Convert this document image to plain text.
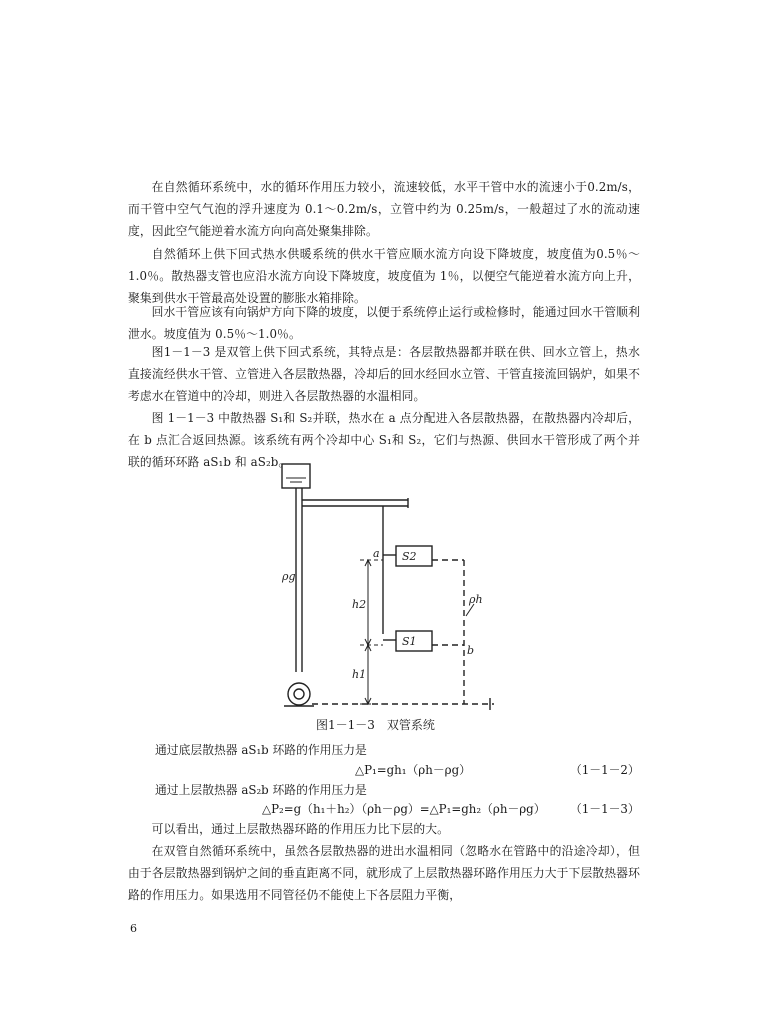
在自然循环系统中，水的循环作用压力较小，流速较低，水平干管中水的流速小于0.2m/s，而干管中空气气泡的浮升速度为 0.1～0.2m/s，立管中约为 0.25m/s，一般超过了水的流动速度，因此空气能逆着水流方向向高处聚集排除。
自然循环上供下回式热水供暖系统的供水干管应顺水流方向设下降坡度，坡度值为0.5％～1.0％。散热器支管也应沿水流方向设下降坡度，坡度值为 1％，以便空气能逆着水流方向上升，聚集到供水干管最高处设置的膨胀水箱排除。
回水干管应该有向锅炉方向下降的坡度，以便于系统停止运行或检修时，能通过回水干管顺利泄水。坡度值为 0.5％～1.0％。
图1－1－3 是双管上供下回式系统，其特点是：各层散热器都并联在供、回水立管上，热水直接流经供水干管、立管进入各层散热器，冷却后的回水经回水立管、干管直接流回锅炉，如果不考虑水在管道中的冷却，则进入各层散热器的水温相同。
图 1－1－3 中散热器 S₁和 S₂并联，热水在 a 点分配进入各层散热器，在散热器内冷却后，在 b 点汇合返回热源。该系统有两个冷却中心 S₁和 S₂，它们与热源、供回水干管形成了两个并联的循环环路 aS₁b 和 aS₂b。
ρg
ρh
a
b
S2
S1
h2
h1
图1－1－3　双管系统
通过底层散热器 aS₁b 环路的作用压力是
△P₁=gh₁（ρh－ρg）	（1－1－2）
通过上层散热器 aS₂b 环路的作用压力是
△P₂=g（h₁＋h₂）（ρh－ρg）=△P₁=gh₂（ρh－ρg） （1－1－3）
可以看出，通过上层散热器环路的作用压力比下层的大。
在双管自然循环系统中，虽然各层散热器的进出水温相同（忽略水在管路中的沿途冷却），但由于各层散热器到锅炉之间的垂直距离不同，就形成了上层散热器环路作用压力大于下层散热器环路的作用压力。如果选用不同管径仍不能使上下各层阻力平衡，
6
